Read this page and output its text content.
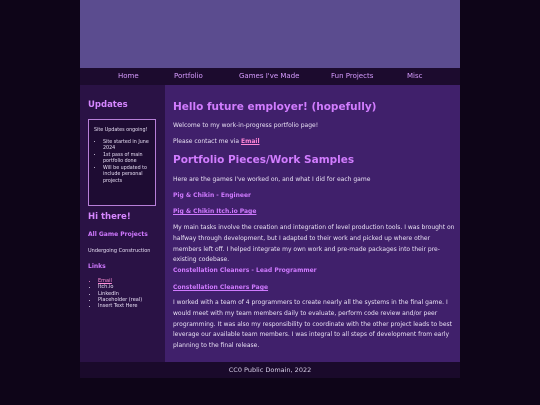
Home	Portfolio	Games I've Made	Fun Projects	Misc
Updates
Site Updates ongoing!
• Site started in June 2024
• 1st pass of main portfolio done
• Will be updated to include personal projects
Hi there!
All Game Projects
Undergoing Construction
Links
• Email
• Itch.io
• LinkedIn
• Placeholder (real)
• Insert Text Here
Hello future employer! (hopefully)
Welcome to my work-in-progress portfolio page!
Please contact me via Email
Portfolio Pieces/Work Samples
Here are the games I've worked on, and what I did for each game
Pig & Chikin - Engineer
Pig & Chikin Itch.io Page
My main tasks involve the creation and integration of level production tools. I was brought on halfway through development, but I adapted to their work and picked up where other members left off. I helped integrate my own work and pre-made packages into their pre-existing codebase.
Constellation Cleaners - Lead Programmer
Constellation Cleaners Page
I worked with a team of 4 programmers to create nearly all the systems in the final game. I would meet with my team members daily to evaluate, perform code review and/or peer programming. It was also my responsibility to coordinate with the other project leads to best leverage our available team members. I was integral to all steps of development from early planning to the final release.
CC0 Public Domain, 2022
